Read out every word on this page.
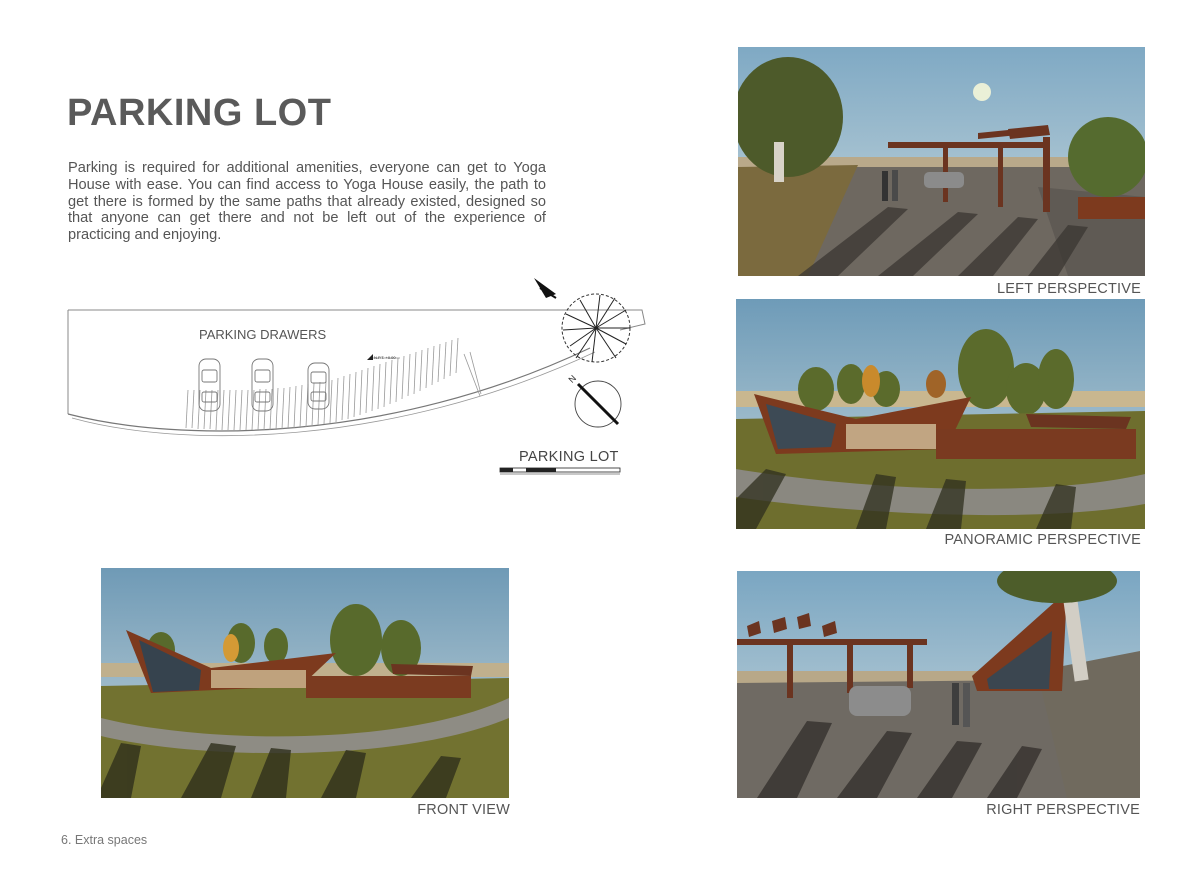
PARKING LOT

Parking is required for additional amenities, everyone can get to Yoga House with ease. You can find access to Yoga House easily, the path to get there is formed by the same paths that already existed, designed so that anyone can get there and not be left out of the experience of practicing and enjoying.

PARKING DRAWERS
N.P.T. +0.00
N
PARKING LOT
LEFT PERSPECTIVE
PANORAMIC PERSPECTIVE
FRONT VIEW	RIGHT PERSPECTIVE
6. Extra spaces
